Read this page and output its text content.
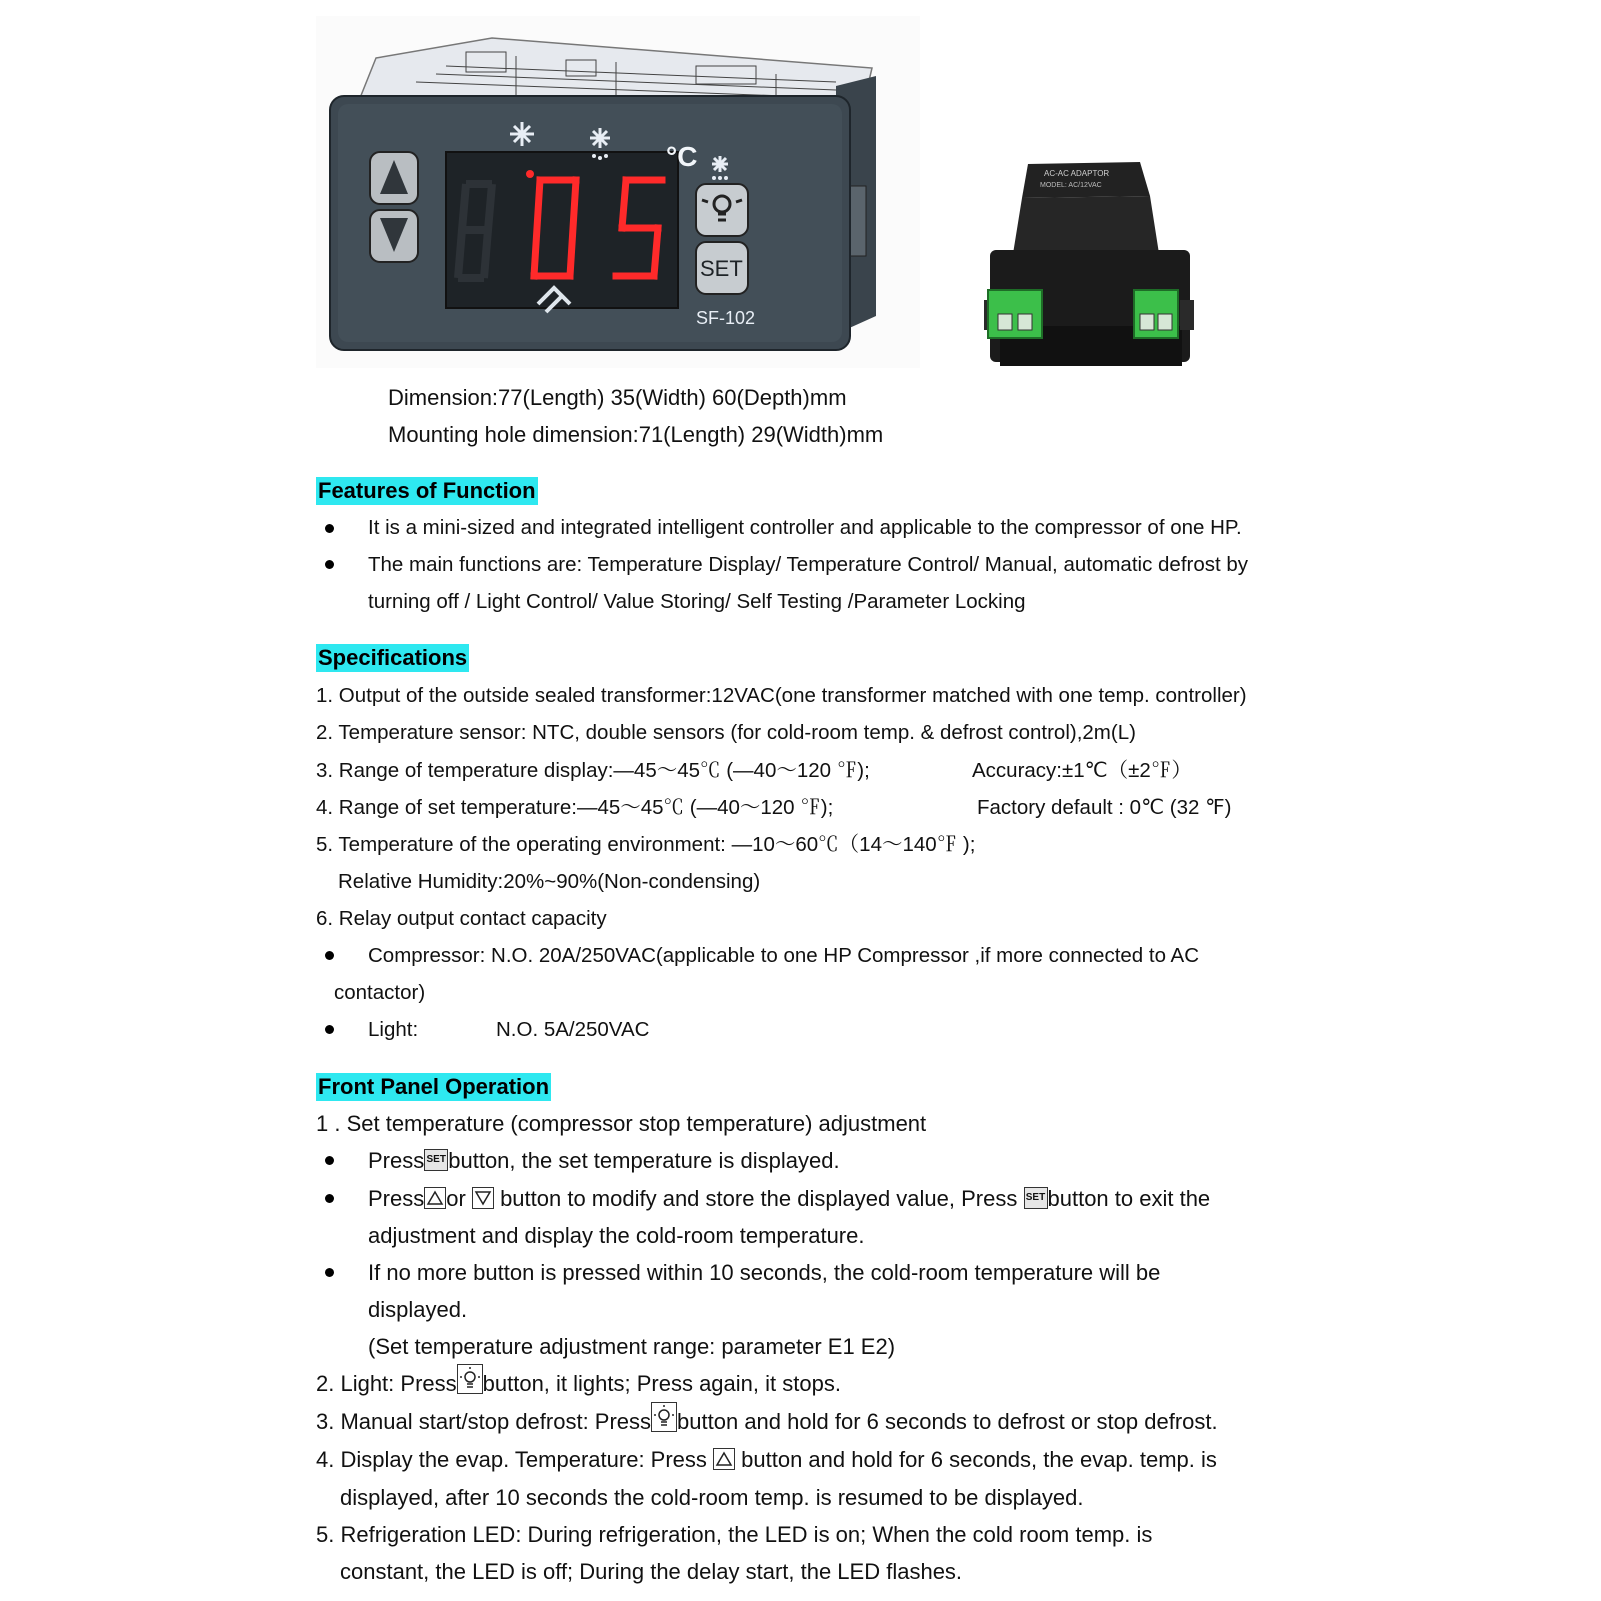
05
°C
SET
SF-102
AC-AC ADAPTOR
MODEL: AC/12VAC
Dimension:77(Length) 35(Width) 60(Depth)mm
Mounting hole dimension:71(Length) 29(Width)mm
Features of Function
It is a mini-sized and integrated intelligent controller and applicable to the compressor of one HP.
The main functions are: Temperature Display/ Temperature Control/ Manual, automatic defrost by
turning off / Light Control/ Value Storing/ Self Testing /Parameter Locking
Specifications
1. Output of the outside sealed transformer:12VAC(one transformer matched with one temp. controller)
2. Temperature sensor: NTC, double sensors (for cold-room temp. & defrost control),2m(L)
3. Range of temperature display:—45～45℃ (—40～120 ℉);	Accuracy:±1℃（±2℉）
4. Range of set temperature:—45～45℃ (—40～120 ℉);	Factory default : 0℃ (32 ℉)
5. Temperature of the operating environment: —10～60℃（14～140℉ );
Relative Humidity:20%~90%(Non-condensing)
6. Relay output contact capacity
Compressor: N.O. 20A/250VAC(applicable to one HP Compressor ,if more connected to AC
contactor)
Light:	N.O. 5A/250VAC
Front Panel Operation
1 . Set temperature (compressor stop temperature) adjustment
Press SET button, the set temperature is displayed.
Press or button to modify and store the displayed value, Press SET button to exit the
adjustment and display the cold-room temperature.
If no more button is pressed within 10 seconds, the cold-room temperature will be
displayed.
(Set temperature adjustment range: parameter E1 E2)
2. Light: Press button, it lights; Press again, it stops.
3. Manual start/stop defrost: Press button and hold for 6 seconds to defrost or stop defrost.
4. Display the evap. Temperature: Press button and hold for 6 seconds, the evap. temp. is
displayed, after 10 seconds the cold-room temp. is resumed to be displayed.
5. Refrigeration LED: During refrigeration, the LED is on; When the cold room temp. is
constant, the LED is off; During the delay start, the LED flashes.
